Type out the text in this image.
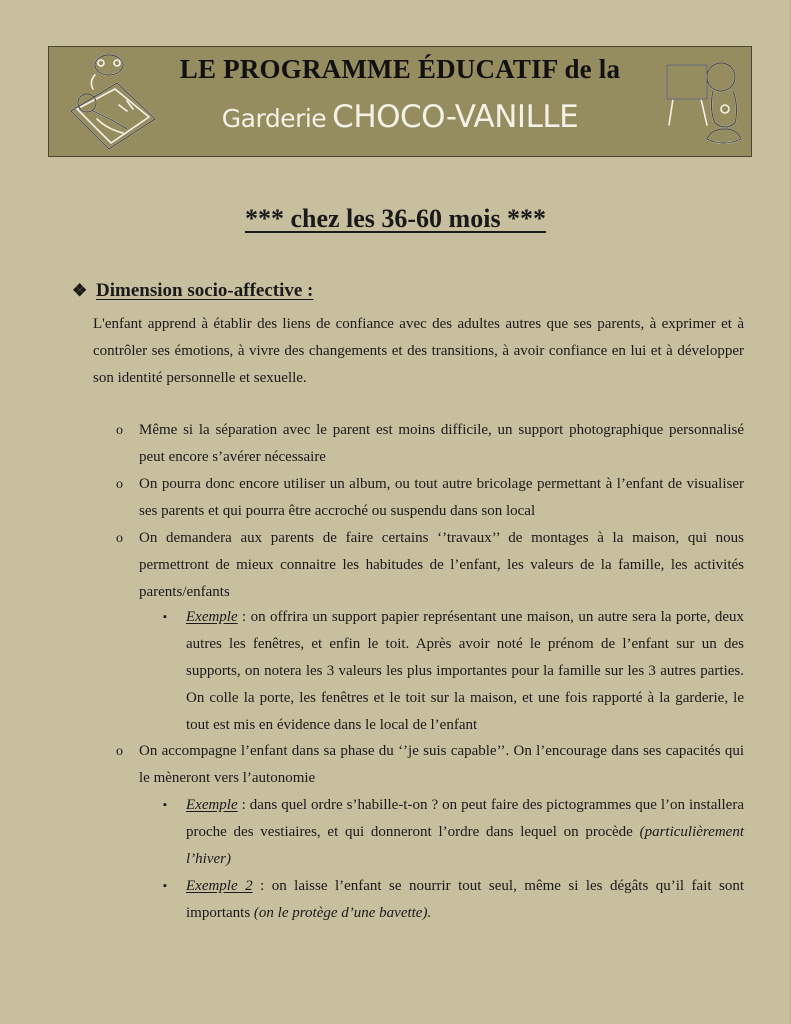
LE PROGRAMME ÉDUCATIF de la
Garderie CHOCO-VANILLE
*** chez les 36-60 mois ***
❖ Dimension socio-affective :
L'enfant apprend à établir des liens de confiance avec des adultes autres que ses parents, à exprimer et à contrôler ses émotions, à vivre des changements et des transitions, à avoir confiance en lui et à développer son identité personnelle et sexuelle.
o Même si la séparation avec le parent est moins difficile, un support photographique personnalisé peut encore s’avérer nécessaire
o On pourra donc encore utiliser un album, ou tout autre bricolage permettant à l’enfant de visualiser ses parents et qui pourra être accroché ou suspendu dans son local
o On demandera aux parents de faire certains ‘’travaux’’ de montages à la maison, qui nous permettront de mieux connaitre les habitudes de l’enfant, les valeurs de la famille, les activités parents/enfants
▪ Exemple : on offrira un support papier représentant une maison, un autre sera la porte, deux autres les fenêtres, et enfin le toit. Après avoir noté le prénom de l’enfant sur un des supports, on notera les 3 valeurs les plus importantes pour la famille sur les 3 autres parties. On colle la porte, les fenêtres et le toit sur la maison, et une fois rapporté à la garderie, le tout est mis en évidence dans le local de l’enfant
o On accompagne l’enfant dans sa phase du ‘’je suis capable’’. On l’encourage dans ses capacités qui le mèneront vers l’autonomie
▪ Exemple : dans quel ordre s’habille-t-on ? on peut faire des pictogrammes que l’on installera proche des vestiaires, et qui donneront l’ordre dans lequel on procède (particulièrement l’hiver)
▪ Exemple 2 : on laisse l’enfant se nourrir tout seul, même si les dégâts qu’il fait sont importants (on le protège d’une bavette).
